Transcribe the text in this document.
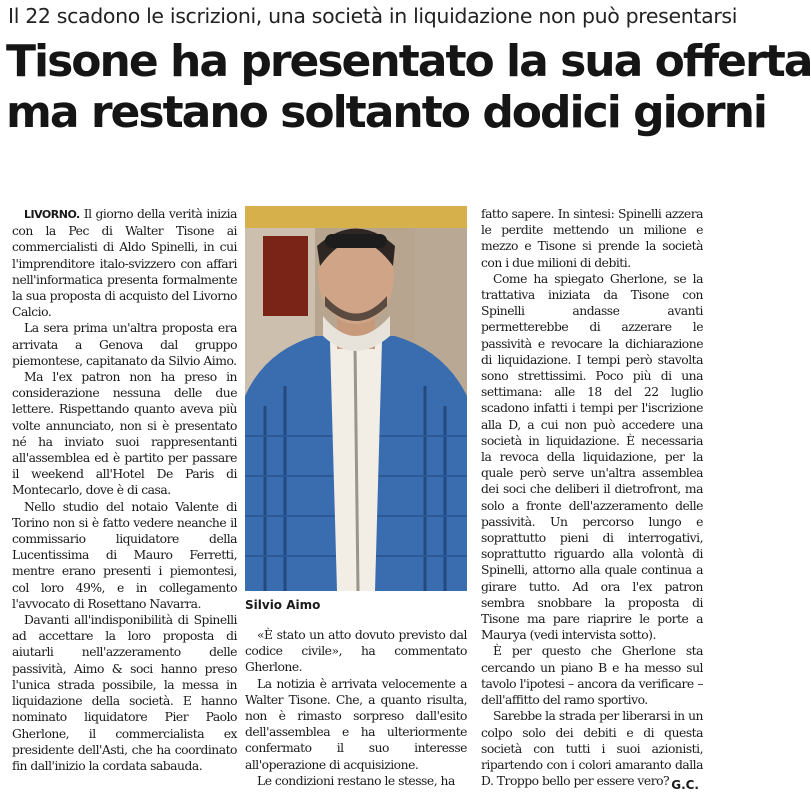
Il 22 scadono le iscrizioni, una società in liquidazione non può presentarsi
Tisone ha presentato la sua offerta
ma restano soltanto dodici giorni

LIVORNO. Il giorno della verità inizia con la Pec di Walter Tisone ai commercialisti di Aldo Spinelli, in cui l'imprenditore italo-svizzero con affari nell'informatica presenta formalmente la sua proposta di acquisto del Livorno Calcio.

La sera prima un'altra proposta era arrivata a Genova dal gruppo piemontese, capitanato da Silvio Aimo.

Ma l'ex patron non ha preso in considerazione nessuna delle due lettere. Rispettando quanto aveva più volte annunciato, non si è presentato né ha inviato suoi rappresentanti all'assemblea ed è partito per passare il weekend all'Hotel De Paris di Montecarlo, dove è di casa.

Nello studio del notaio Valente di Torino non si è fatto vedere neanche il commissario liquidatore della Lucentissima di Mauro Ferretti, mentre erano presenti i piemontesi, col loro 49%, e in collegamento l'avvocato di Rosettano Navarra.

Davanti all'indisponibilità di Spinelli ad accettare la loro proposta di aiutarli nell'azzeramento delle passività, Aimo & soci hanno preso l'unica strada possibile, la messa in liquidazione della società. E hanno nominato liquidatore Pier Paolo Gherlone, il commercialista ex presidente dell'Asti, che ha coordinato fin dall'inizio la cordata sabauda.

Silvio Aimo

«È stato un atto dovuto previsto dal codice civile», ha commentato Gherlone.

La notizia è arrivata velocemente a Walter Tisone. Che, a quanto risulta, non è rimasto sorpreso dall'esito dell'assemblea e ha ulteriormente confermato il suo interesse all'operazione di acquisizione.

Le condizioni restano le stesse, ha

fatto sapere. In sintesi: Spinelli azzera le perdite mettendo un milione e mezzo e Tisone si prende la società con i due milioni di debiti.

Come ha spiegato Gherlone, se la trattativa iniziata da Tisone con Spinelli andasse avanti permetterebbe di azzerare le passività e revocare la dichiarazione di liquidazione. I tempi però stavolta sono strettissimi. Poco più di una settimana: alle 18 del 22 luglio scadono infatti i tempi per l'iscrizione alla D, a cui non può accedere una società in liquidazione. È necessaria la revoca della liquidazione, per la quale però serve un'altra assemblea dei soci che deliberi il dietrofront, ma solo a fronte dell'azzeramento delle passività. Un percorso lungo e soprattutto pieni di interrogativi, soprattutto riguardo alla volontà di Spinelli, attorno alla quale continua a girare tutto. Ad ora l'ex patron sembra snobbare la proposta di Tisone ma pare riaprire le porte a Maurya (vedi intervista sotto).

È per questo che Gherlone sta cercando un piano B e ha messo sul tavolo l'ipotesi – ancora da verificare – dell'affitto del ramo sportivo.

Sarebbe la strada per liberarsi in un colpo solo dei debiti e di questa società con tutti i suoi azionisti, ripartendo con i colori amaranto dalla D. Troppo bello per essere vero? G.C.
